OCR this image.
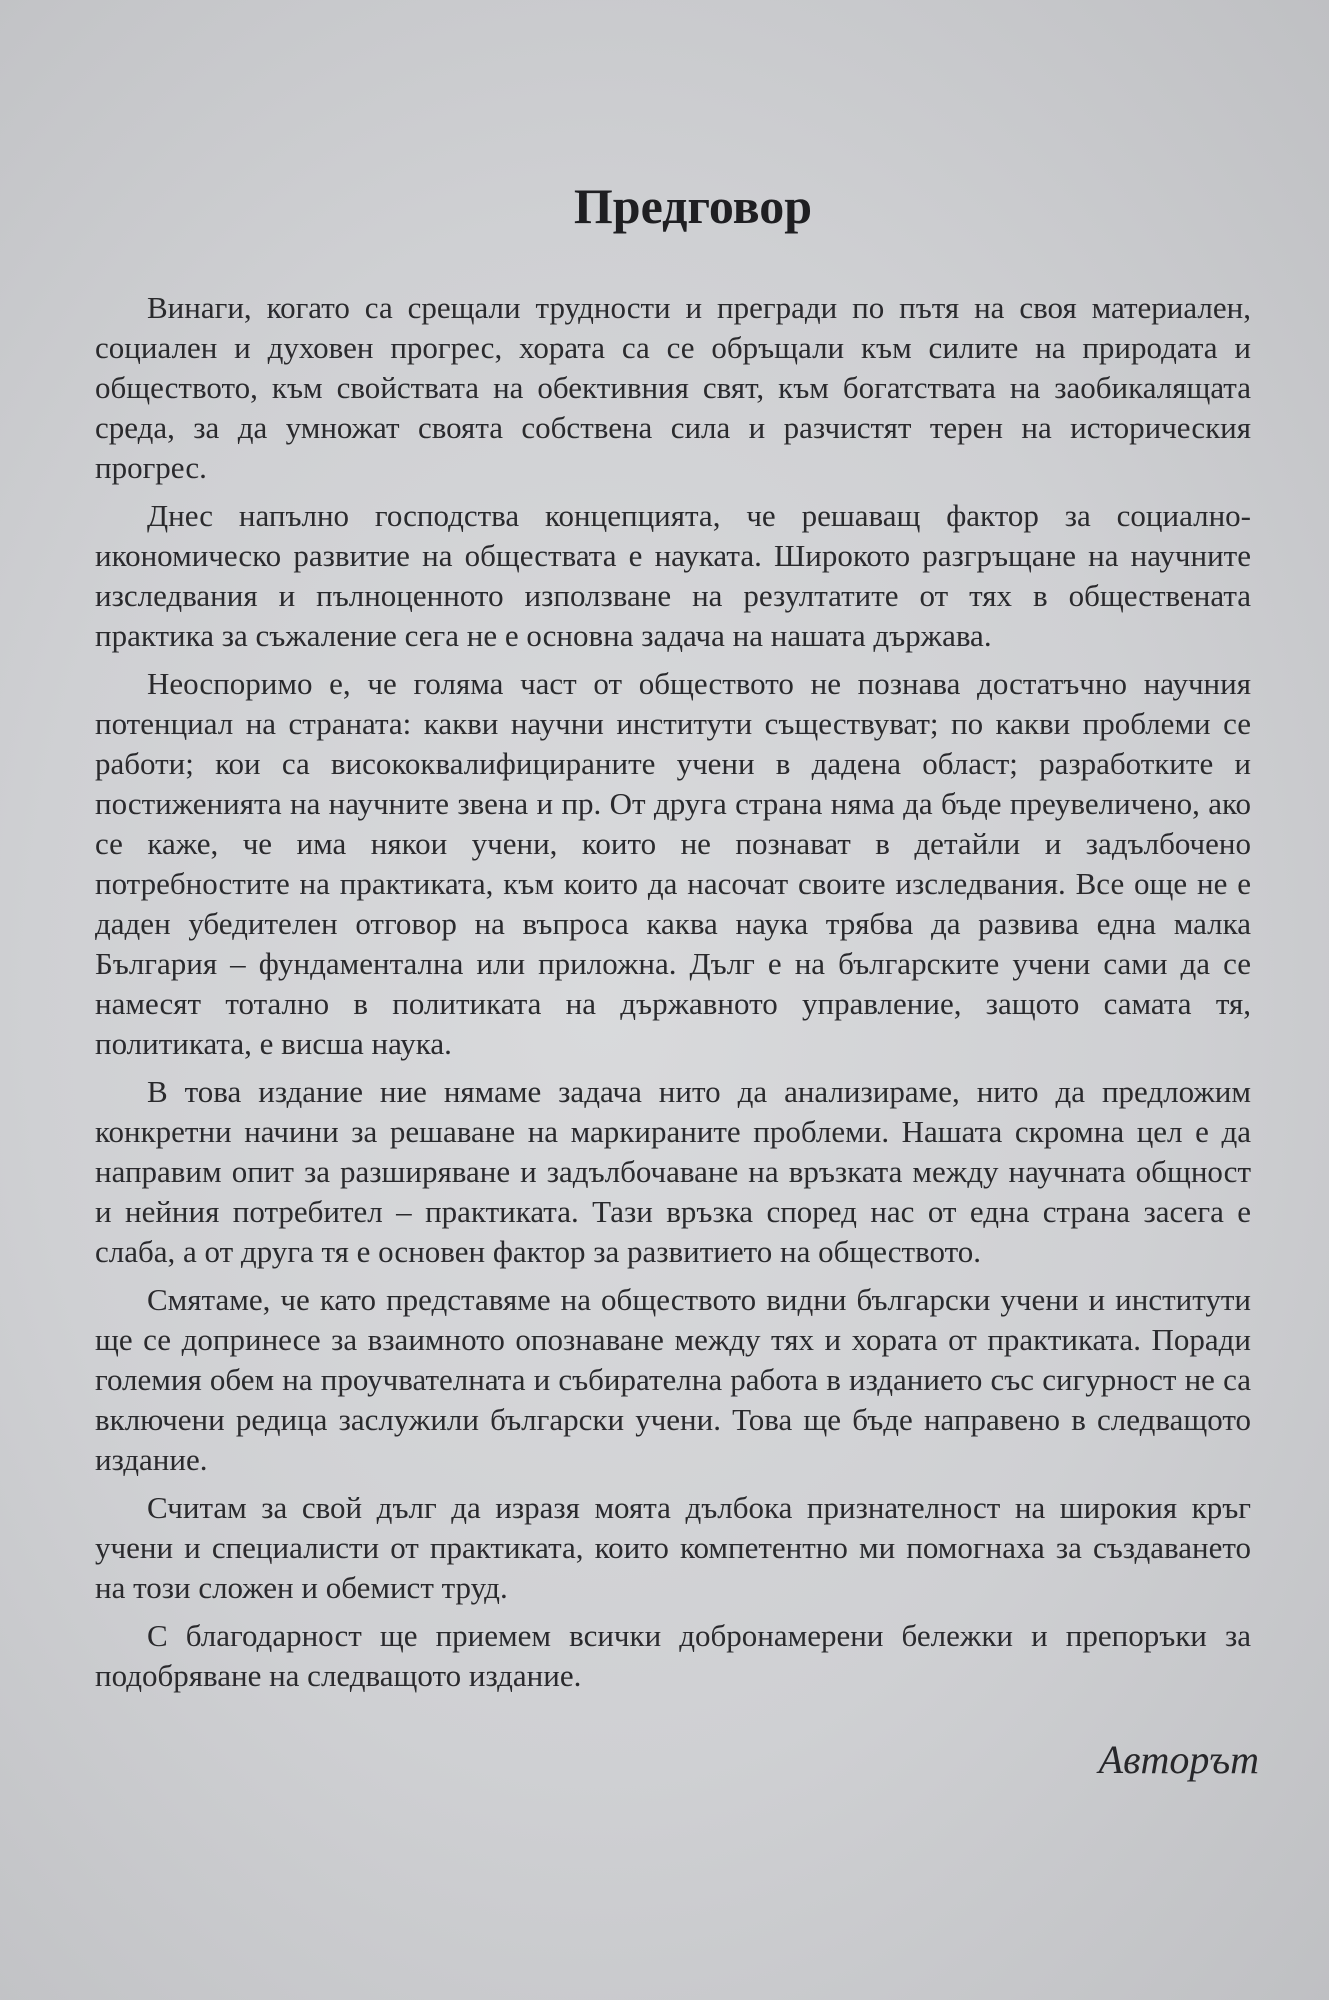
Предговор

Винаги, когато са срещали трудности и прегради по пътя на своя материален, социален и духовен прогрес, хората са се обръщали към силите на природата и обществото, към свойствата на обективния свят, към богатствата на заобикалящата среда, за да умножат своята собствена сила и разчистят терен на историческия прогрес.

Днес напълно господства концепцията, че решаващ фактор за социално-икономическо развитие на обществата е науката. Широкото разгръщане на научните изследвания и пълноценното използване на резултатите от тях в обществената практика за съжаление сега не е основна задача на нашата държава.

Неоспоримо е, че голяма част от обществото не познава достатъчно научния потенциал на страната: какви научни институти съществуват; по какви проблеми се работи; кои са висококвалифицираните учени в дадена област; разработките и постиженията на научните звена и пр. От друга страна няма да бъде преувеличено, ако се каже, че има някои учени, които не познават в детайли и задълбочено потребностите на практиката, към които да насочат своите изследвания. Все още не е даден убедителен отговор на въпроса каква наука трябва да развива една малка България – фундаментална или приложна. Дълг е на българските учени сами да се намесят тотално в политиката на държавното управление, защото самата тя, политиката, е висша наука.

В това издание ние нямаме задача нито да анализираме, нито да предложим конкретни начини за решаване на маркираните проблеми. Нашата скромна цел е да направим опит за разширяване и задълбочаване на връзката между научната общност и нейния потребител – практиката. Тази връзка според нас от една страна засега е слаба, а от друга тя е основен фактор за развитието на обществото.

Смятаме, че като представяме на обществото видни български учени и институти ще се допринесе за взаимното опознаване между тях и хората от практиката. Поради големия обем на проучвателната и събирателна работа в изданието със сигурност не са включени редица заслужили български учени. Това ще бъде направено в следващото издание.

Считам за свой дълг да изразя моята дълбока признателност на широкия кръг учени и специалисти от практиката, които компетентно ми помогнаха за създаването на този сложен и обемист труд.

С благодарност ще приемем всички добронамерени бележки и препоръки за подобряване на следващото издание.

Авторът
